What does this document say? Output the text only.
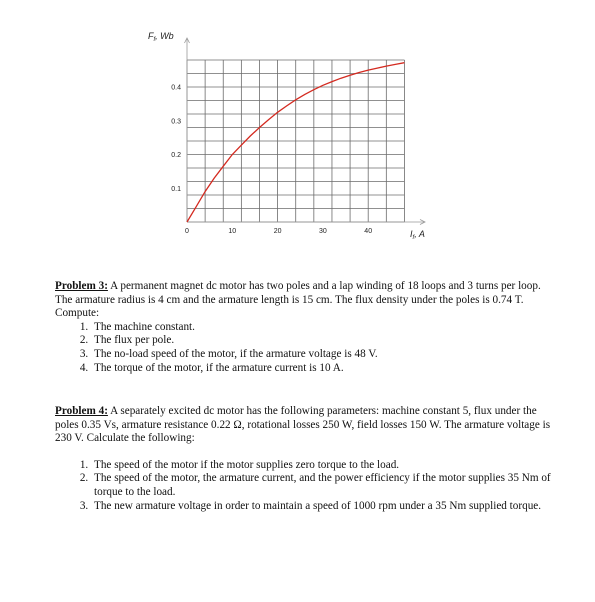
0	10	20	30	40
0.1
0.2
0.3
0.4
$F_f$, Wb
$I_f$, A

Problem 3: A permanent magnet dc motor has two poles and a lap winding of 18 loops and 3 turns per loop. The armature radius is 4 cm and the armature length is 15 cm. The flux density under the poles is 0.74 T. Compute:

1. The machine constant.
2. The flux per pole.
3. The no-load speed of the motor, if the armature voltage is 48 V.
4. The torque of the motor, if the armature current is 10 A.

Problem 4: A separately excited dc motor has the following parameters: machine constant 5, flux under the poles 0.35 Vs, armature resistance 0.22 Ω, rotational losses 250 W, field losses 150 W. The armature voltage is 230 V. Calculate the following:

1. The speed of the motor if the motor supplies zero torque to the load.
2. The speed of the motor, the armature current, and the power efficiency if the motor supplies 35 Nm of torque to the load.
3. The new armature voltage in order to maintain a speed of 1000 rpm under a 35 Nm supplied torque.
